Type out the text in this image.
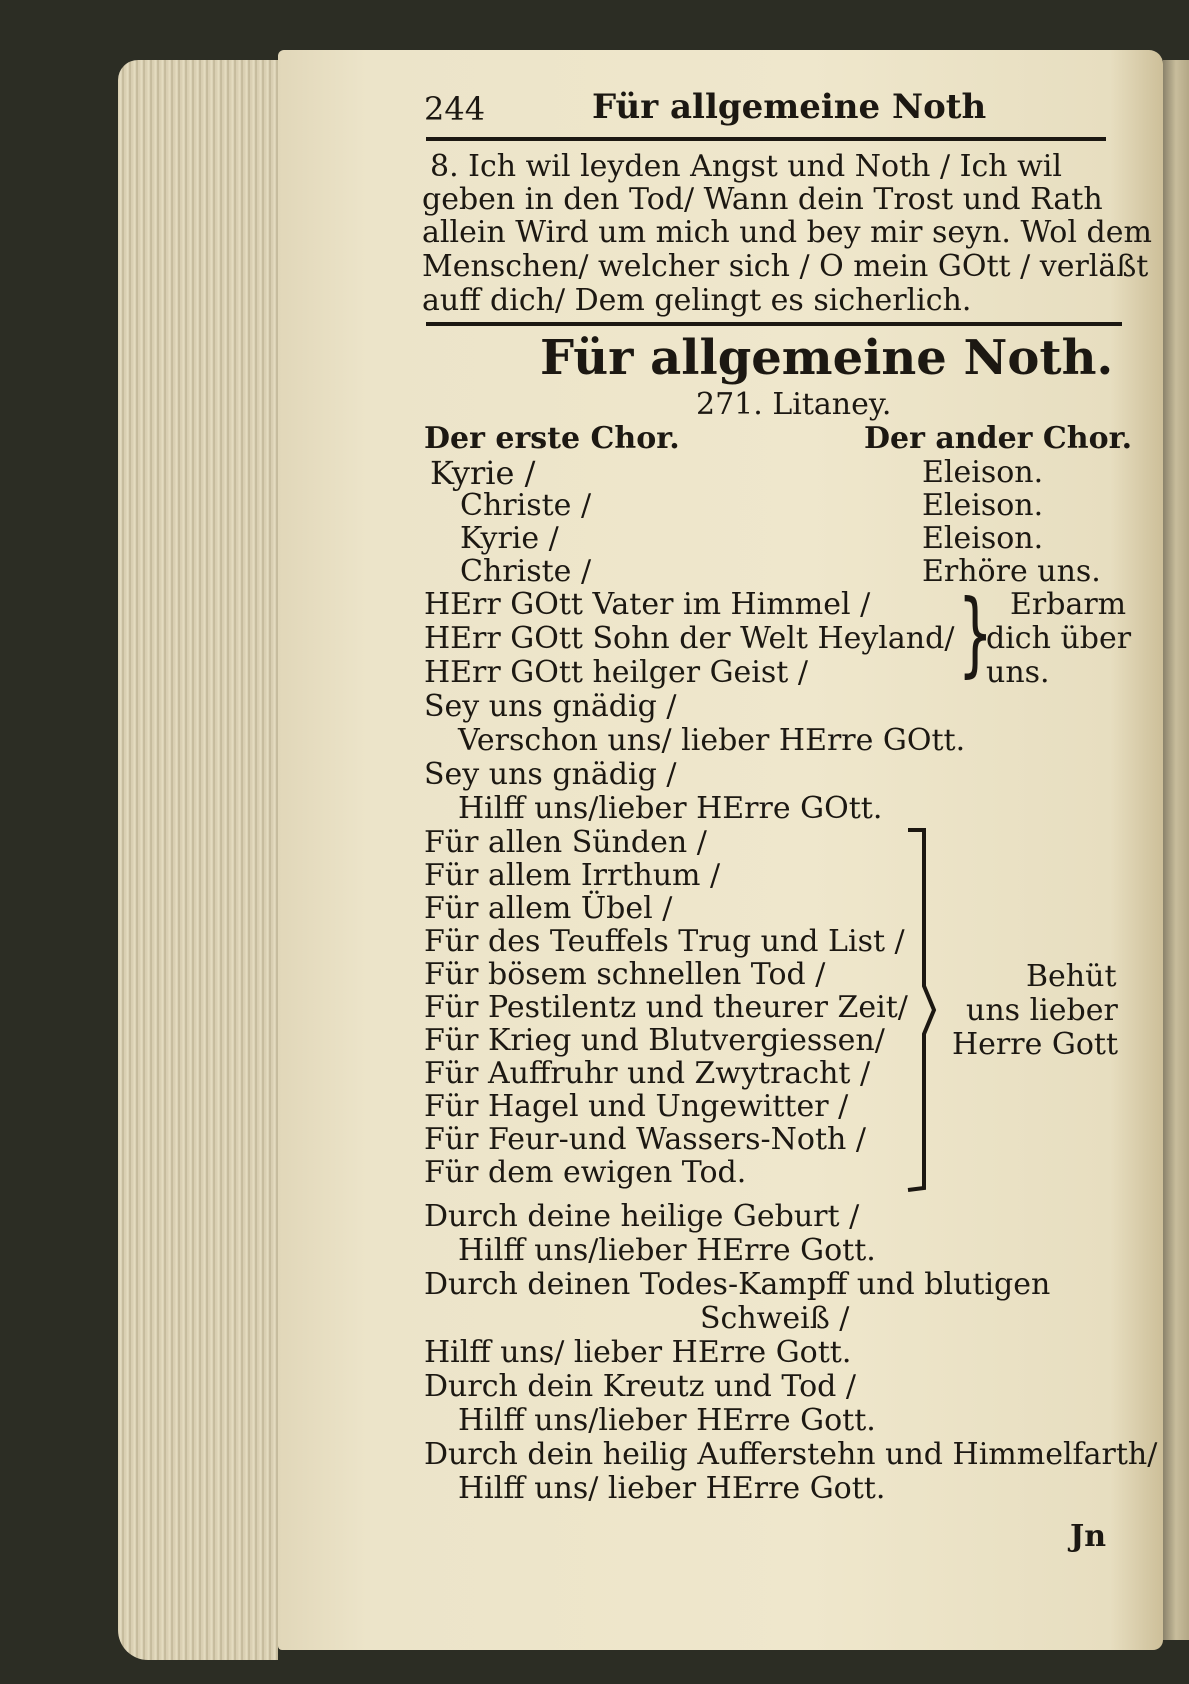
244	Für allgemeine Noth
8. Ich wil leyden Angst und Noth / Ich wil
geben in den Tod/ Wann dein Trost und Rath
allein Wird um mich und bey mir seyn. Wol dem
Menschen/ welcher sich / O mein GOtt / verläßt
auff dich/ Dem gelingt es sicherlich.
Für allgemeine Noth.
271. Litaney.
Der erste Chor.	Der ander Chor.
Kyrie /
Christe /
Kyrie /
Christe /
Eleison.
Eleison.
Eleison.
Erhöre uns.
HErr GOtt Vater im Himmel /
HErr GOtt Sohn der Welt Heyland/
HErr GOtt heilger Geist / } Erbarm
dich über
uns.
Sey uns gnädig /
Verschon uns/ lieber HErre GOtt.
Sey uns gnädig /
Hilff uns/lieber HErre GOtt.
Für allen Sünden /
Für allem Irrthum /
Für allem Übel /
Für des Teuffels Trug und List /
Für bösem schnellen Tod /
Für Pestilentz und theurer Zeit/
Für Krieg und Blutvergiessen/
Für Auffruhr und Zwytracht /
Für Hagel und Ungewitter /
Für Feur-und Wassers-Noth /
Für dem ewigen Tod.
Behüt
uns lieber
Herre Gott
Durch deine heilige Geburt /
Hilff uns/lieber HErre Gott.
Durch deinen Todes-Kampff und blutigen
Schweiß /
Hilff uns/ lieber HErre Gott.
Durch dein Kreutz und Tod /
Hilff uns/lieber HErre Gott.
Durch dein heilig Aufferstehn und Himmelfarth/
Hilff uns/ lieber HErre Gott.
Jn
